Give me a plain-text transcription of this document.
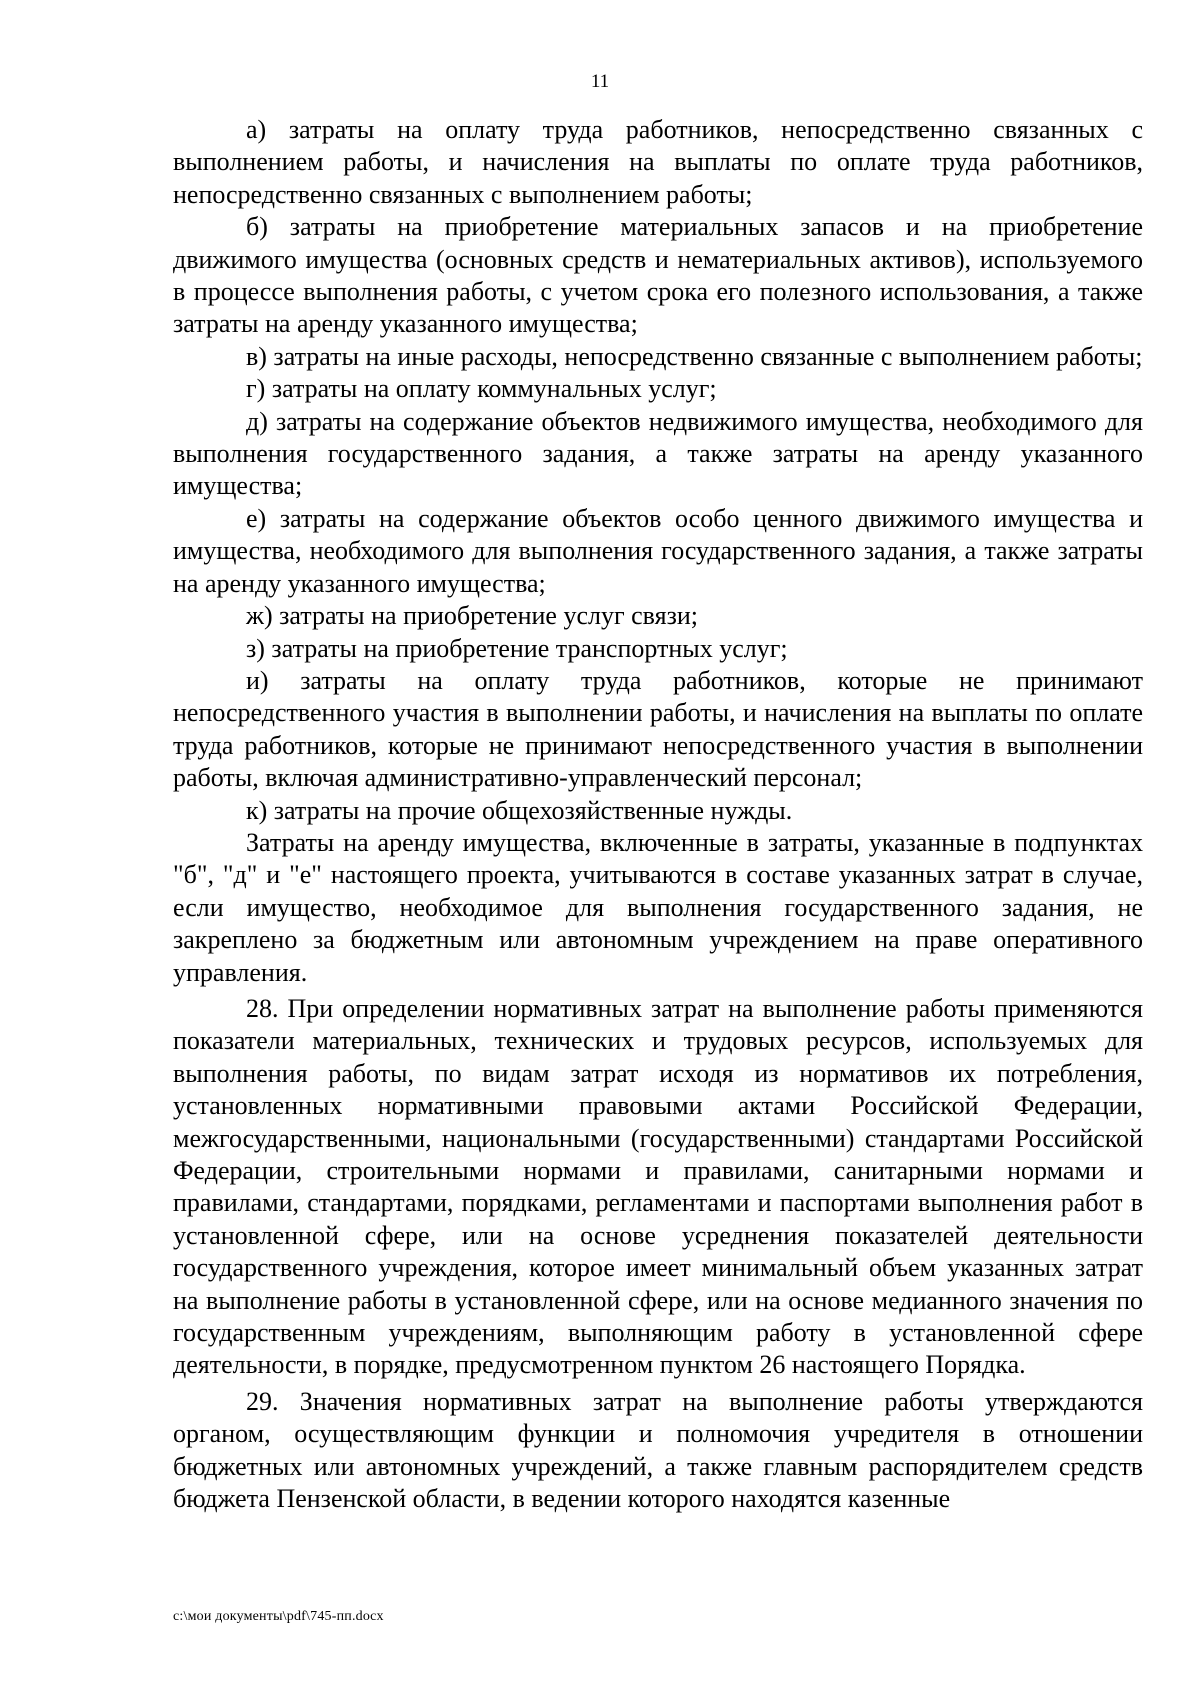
11

а) затраты на оплату труда работников, непосредственно связанных с выполнением работы, и начисления на выплаты по оплате труда работников, непосредственно связанных с выполнением работы;

б) затраты на приобретение материальных запасов и на приобретение движимого имущества (основных средств и нематериальных активов), используемого в процессе выполнения работы, с учетом срока его полезного использования, а также затраты на аренду указанного имущества;

в) затраты на иные расходы, непосредственно связанные с выполнением работы;

г) затраты на оплату коммунальных услуг;

д) затраты на содержание объектов недвижимого имущества, необходимого для выполнения государственного задания, а также затраты на аренду указанного имущества;

е) затраты на содержание объектов особо ценного движимого имущества и имущества, необходимого для выполнения государственного задания, а также затраты на аренду указанного имущества;

ж) затраты на приобретение услуг связи;

з) затраты на приобретение транспортных услуг;

и) затраты на оплату труда работников, которые не принимают непосредственного участия в выполнении работы, и начисления на выплаты по оплате труда работников, которые не принимают непосредственного участия в выполнении работы, включая административно-управленческий персонал;

к) затраты на прочие общехозяйственные нужды.

Затраты на аренду имущества, включенные в затраты, указанные в подпунктах "б", "д" и "е" настоящего проекта, учитываются в составе указанных затрат в случае, если имущество, необходимое для выполнения государственного задания, не закреплено за бюджетным или автономным учреждением на праве оперативного управления.

28. При определении нормативных затрат на выполнение работы применяются показатели материальных, технических и трудовых ресурсов, используемых для выполнения работы, по видам затрат исходя из нормативов их потребления, установленных нормативными правовыми актами Российской Федерации, межгосударственными, национальными (государственными) стандартами Российской Федерации, строительными нормами и правилами, санитарными нормами и правилами, стандартами, порядками, регламентами и паспортами выполнения работ в установленной сфере, или на основе усреднения показателей деятельности государственного учреждения, которое имеет минимальный объем указанных затрат на выполнение работы в установленной сфере, или на основе медианного значения по государственным учреждениям, выполняющим работу в установленной сфере деятельности, в порядке, предусмотренном пунктом 26 настоящего Порядка.

29. Значения нормативных затрат на выполнение работы утверждаются органом, осуществляющим функции и полномочия учредителя в отношении бюджетных или автономных учреждений, а также главным распорядителем средств бюджета Пензенской области, в ведении которого находятся казенные

c:\мои документы\pdf\745-пп.docx
